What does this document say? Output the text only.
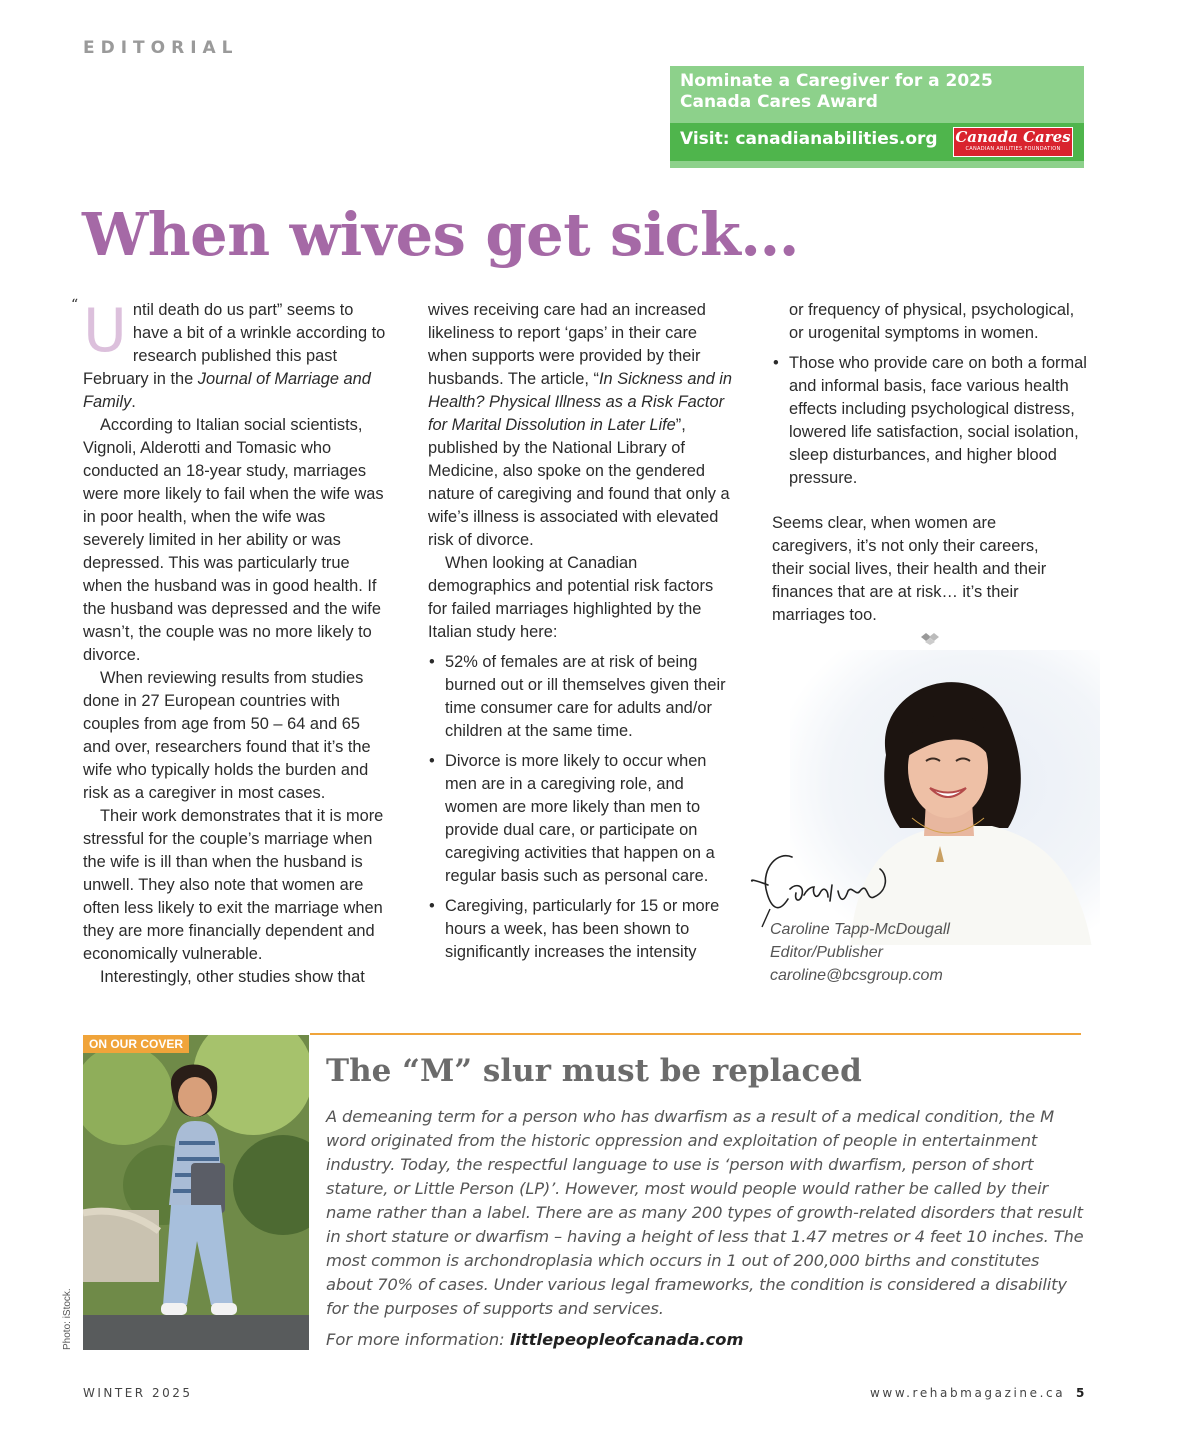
EDITORIAL
Nominate a Caregiver for a 2025
Canada Cares Award
Visit: canadianabilities.org	Canada Cares
CANADIAN ABILITIES FOUNDATION
When wives get sick…
“ Until death do us part” seems to have a bit of a wrinkle according to research published this past February in the Journal of Marriage and Family.

According to Italian social scientists, Vignoli, Alderotti and Tomasic who conducted an 18-year study, marriages were more likely to fail when the wife was in poor health, when the wife was severely limited in her ability or was depressed. This was particularly true when the husband was in good health. If the husband was depressed and the wife wasn’t, the couple was no more likely to divorce.

When reviewing results from studies done in 27 European countries with couples from age from 50 – 64 and 65 and over, researchers found that it’s the wife who typically holds the burden and risk as a caregiver in most cases.

Their work demonstrates that it is more stressful for the couple’s marriage when the wife is ill than when the husband is unwell. They also note that women are often less likely to exit the marriage when they are more financially dependent and economically vulnerable.

Interestingly, other studies show that

wives receiving care had an increased likeliness to report ‘gaps’ in their care when supports were provided by their husbands. The article, “In Sickness and in Health? Physical Illness as a Risk Factor for Marital Dissolution in Later Life”, published by the National Library of Medicine, also spoke on the gendered nature of caregiving and found that only a wife’s illness is associated with elevated risk of divorce.

When looking at Canadian demographics and potential risk factors for failed marriages highlighted by the Italian study here:

• 52% of females are at risk of being burned out or ill themselves given their time consumer care for adults and/or children at the same time.
• Divorce is more likely to occur when men are in a caregiving role, and women are more likely than men to provide dual care, or participate on caregiving activities that happen on a regular basis such as personal care.
• Caregiving, particularly for 15 or more hours a week, has been shown to significantly increases the intensity

or frequency of physical, psychological, or urogenital symptoms in women.

• Those who provide care on both a formal and informal basis, face various health effects including psychological distress, lowered life satisfaction, social isolation, sleep disturbances, and higher blood pressure.

Seems clear, when women are caregivers, it’s not only their careers, their social lives, their health and their finances that are at risk… it’s their marriages too.

Caroline Tapp-McDougall
Editor/Publisher
caroline@bcsgroup.com
ON OUR COVER
Photo: iStock.
The “M” slur must be replaced

A demeaning term for a person who has dwarfism as a result of a medical condition, the M word originated from the historic oppression and exploitation of people in entertainment industry. Today, the respectful language to use is ‘person with dwarfism, person of short stature, or Little Person (LP)’. However, most would people would rather be called by their name rather than a label. There are as many 200 types of growth-related disorders that result in short stature or dwarfism – having a height of less that 1.47 metres or 4 feet 10 inches. The most common is archondroplasia which occurs in 1 out of 200,000 births and constitutes about 70% of cases. Under various legal frameworks, the condition is considered a disability for the purposes of supports and services.

For more information: littlepeopleofcanada.com

WINTER 2025	www.rehabmagazine.ca 5
